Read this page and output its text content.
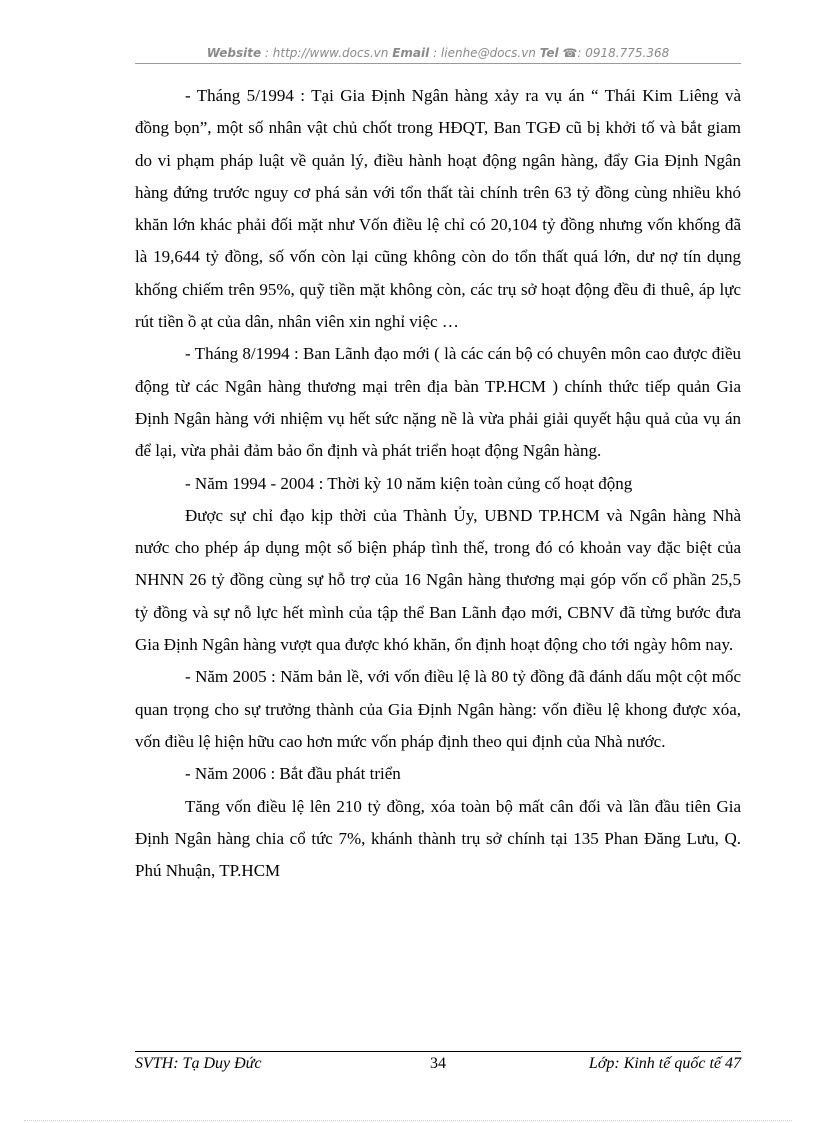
Website : http://www.docs.vn Email : lienhe@docs.vn Tel ☎: 0918.775.368

- Tháng 5/1994 : Tại Gia Định Ngân hàng xảy ra vụ án “ Thái Kim Liêng và đồng bọn”, một số nhân vật chủ chốt trong HĐQT, Ban TGĐ cũ bị khởi tố và bắt giam do vi phạm pháp luật về quản lý, điều hành hoạt động ngân hàng, đẩy Gia Định Ngân hàng đứng trước nguy cơ phá sản với tổn thất tài chính trên 63 tỷ đồng cùng nhiều khó khăn lớn khác phải đối mặt như Vốn điều lệ chỉ có 20,104 tỷ đồng nhưng vốn khống đã là 19,644 tỷ đồng, số vốn còn lại cũng không còn do tổn thất quá lớn, dư nợ tín dụng khống chiếm trên 95%, quỹ tiền mặt không còn, các trụ sở hoạt động đều đi thuê, áp lực rút tiền ồ ạt của dân, nhân viên xin nghỉ việc …

- Tháng 8/1994 : Ban Lãnh đạo mới ( là các cán bộ có chuyên môn cao được điều động từ các Ngân hàng thương mại trên địa bàn TP.HCM ) chính thức tiếp quản Gia Định Ngân hàng với nhiệm vụ hết sức nặng nề là vừa phải giải quyết hậu quả của vụ án để lại, vừa phải đảm bảo ổn định và phát triển hoạt động Ngân hàng.

- Năm 1994 - 2004 : Thời kỳ 10 năm kiện toàn củng cố hoạt động

Được sự chỉ đạo kịp thời của Thành Ủy, UBND TP.HCM và Ngân hàng Nhà nước cho phép áp dụng một số biện pháp tình thế, trong đó có khoản vay đặc biệt của NHNN 26 tỷ đồng cùng sự hỗ trợ của 16 Ngân hàng thương mại góp vốn cổ phần 25,5 tỷ đồng và sự nỗ lực hết mình của tập thể Ban Lãnh đạo mới, CBNV đã từng bước đưa Gia Định Ngân hàng vượt qua được khó khăn, ổn định hoạt động cho tới ngày hôm nay.

- Năm 2005 : Năm bản lề, với vốn điều lệ là 80 tỷ đồng đã đánh dấu một cột mốc quan trọng cho sự trưởng thành của Gia Định Ngân hàng: vốn điều lệ khong được xóa, vốn điều lệ hiện hữu cao hơn mức vốn pháp định theo qui định của Nhà nước.

- Năm 2006 : Bắt đầu phát triển

Tăng vốn điều lệ lên 210 tỷ đồng, xóa toàn bộ mất cân đối và lần đầu tiên Gia Định Ngân hàng chia cổ tức 7%, khánh thành trụ sở chính tại 135 Phan Đăng Lưu, Q. Phú Nhuận, TP.HCM

SVTH: Tạ Duy Đức	34	Lớp: Kinh tế quốc tế 47
